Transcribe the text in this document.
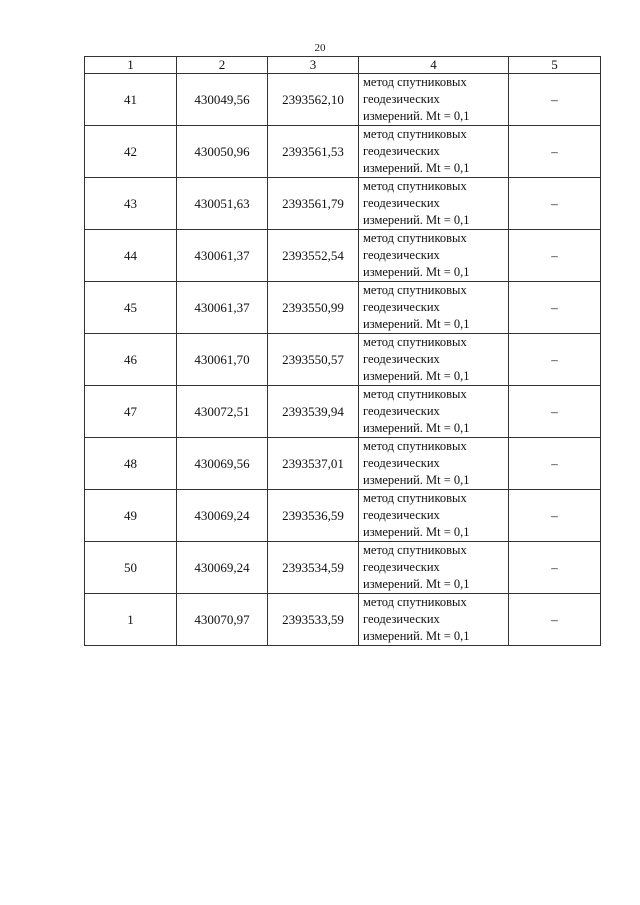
20
1	2	3	4	5
41	430049,56	2393562,10	метод спутниковых
геодезических
измерений. Mt = 0,1	–
42	430050,96	2393561,53	метод спутниковых
геодезических
измерений. Mt = 0,1	–
43	430051,63	2393561,79	метод спутниковых
геодезических
измерений. Mt = 0,1	–
44	430061,37	2393552,54	метод спутниковых
геодезических
измерений. Mt = 0,1	–
45	430061,37	2393550,99	метод спутниковых
геодезических
измерений. Mt = 0,1	–
46	430061,70	2393550,57	метод спутниковых
геодезических
измерений. Mt = 0,1	–
47	430072,51	2393539,94	метод спутниковых
геодезических
измерений. Mt = 0,1	–
48	430069,56	2393537,01	метод спутниковых
геодезических
измерений. Mt = 0,1	–
49	430069,24	2393536,59	метод спутниковых
геодезических
измерений. Mt = 0,1	–
50	430069,24	2393534,59	метод спутниковых
геодезических
измерений. Mt = 0,1	–
1	430070,97	2393533,59	метод спутниковых
геодезических
измерений. Mt = 0,1	–
